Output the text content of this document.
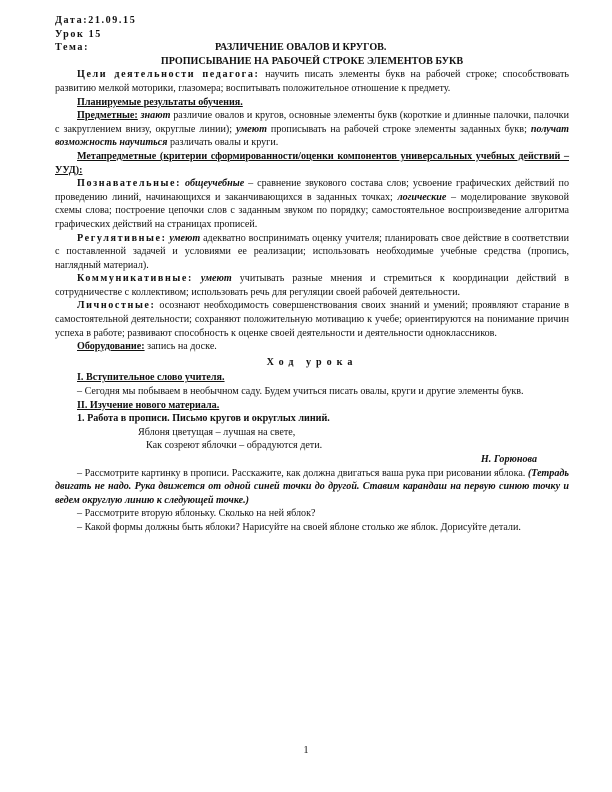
Дата:21.09.15
Урок 15
Тема:	РАЗЛИЧЕНИЕ ОВАЛОВ И КРУГОВ.
ПРОПИСЫВАНИЕ НА РАБОЧЕЙ СТРОКЕ ЭЛЕМЕНТОВ БУКВ

Цели деятельности педагога: научить писать элементы букв на рабочей строке; способствовать развитию мелкой моторики, глазомера; воспитывать положительное отношение к предмету.

Планируемые результаты обучения.

Предметные: знают различие овалов и кругов, основные элементы букв (короткие и длинные палочки, палочки с закруглением внизу, округлые линии); умеют прописывать на рабочей строке элементы заданных букв; получат возможность научиться различать овалы и круги.

Метапредметные (критерии сформированности/оценки компонентов универсальных учебных действий – УУД):

Познавательные: общеучебные – сравнение звукового состава слов; усвоение графических действий по проведению линий, начинающихся и заканчивающихся в заданных точках; логические – моделирование звуковой схемы слова; построение цепочки слов с заданным звуком по порядку; самостоятельное воспроизведение алгоритма графических действий на страницах прописей.

Регулятивные: умеют адекватно воспринимать оценку учителя; планировать свое действие в соответствии с поставленной задачей и условиями ее реализации; использовать необходимые учебные средства (пропись, наглядный материал).

Коммуникативные: умеют учитывать разные мнения и стремиться к координации действий в сотрудничестве с коллективом; использовать речь для регуляции своей рабочей деятельности.

Личностные: осознают необходимость совершенствования своих знаний и умений; проявляют старание в самостоятельной деятельности; сохраняют положительную мотивацию к учебе; ориентируются на понимание причин успеха в работе; развивают способность к оценке своей деятельности и деятельности одноклассников.

Оборудование: запись на доске.

Ход урока

I. Вступительное слово учителя.

– Сегодня мы побываем в необычном саду. Будем учиться писать овалы, круги и другие элементы букв.

II. Изучение нового материала.

1. Работа в прописи. Письмо кругов и округлых линий.

Яблоня цветущая – лучшая на свете,
Как созреют яблочки – обрадуются дети.
Н. Горюнова

– Рассмотрите картинку в прописи. Расскажите, как должна двигаться ваша рука при рисовании яблока. (Тетрадь двигать не надо. Рука движется от одной синей точки до другой. Ставим карандаш на первую синюю точку и ведем округлую линию к следующей точке.)

– Рассмотрите вторую яблоньку. Сколько на ней яблок?

– Какой формы должны быть яблоки? Нарисуйте на своей яблоне столько же яблок. Дорисуйте детали.

1
